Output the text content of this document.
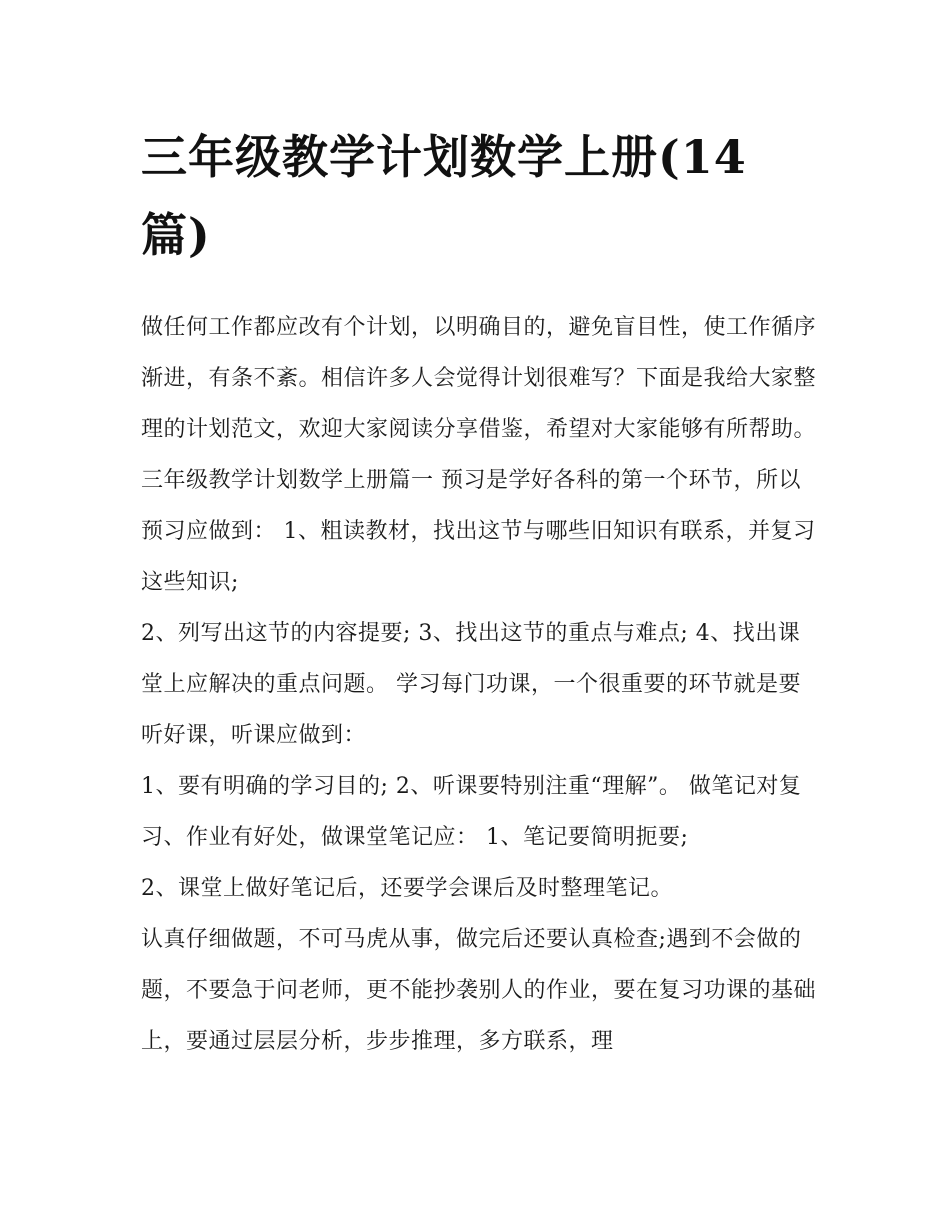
三年级教学计划数学上册(14篇)

做任何工作都应改有个计划，以明确目的，避免盲目性，使工作循序渐进，有条不紊。相信许多人会觉得计划很难写？下面是我给大家整理的计划范文，欢迎大家阅读分享借鉴，希望对大家能够有所帮助。

三年级教学计划数学上册篇一 预习是学好各科的第一个环节，所以预习应做到： 1、粗读教材，找出这节与哪些旧知识有联系，并复习这些知识;

2、列写出这节的内容提要; 3、找出这节的重点与难点; 4、找出课堂上应解决的重点问题。 学习每门功课，一个很重要的环节就是要听好课，听课应做到：

1、要有明确的学习目的; 2、听课要特别注重“理解”。 做笔记对复习、作业有好处，做课堂笔记应： 1、笔记要简明扼要;

2、课堂上做好笔记后，还要学会课后及时整理笔记。

认真仔细做题，不可马虎从事，做完后还要认真检查;遇到不会做的题，不要急于问老师，更不能抄袭别人的作业，要在复习功课的基础上，要通过层层分析，步步推理，多方联系，理
